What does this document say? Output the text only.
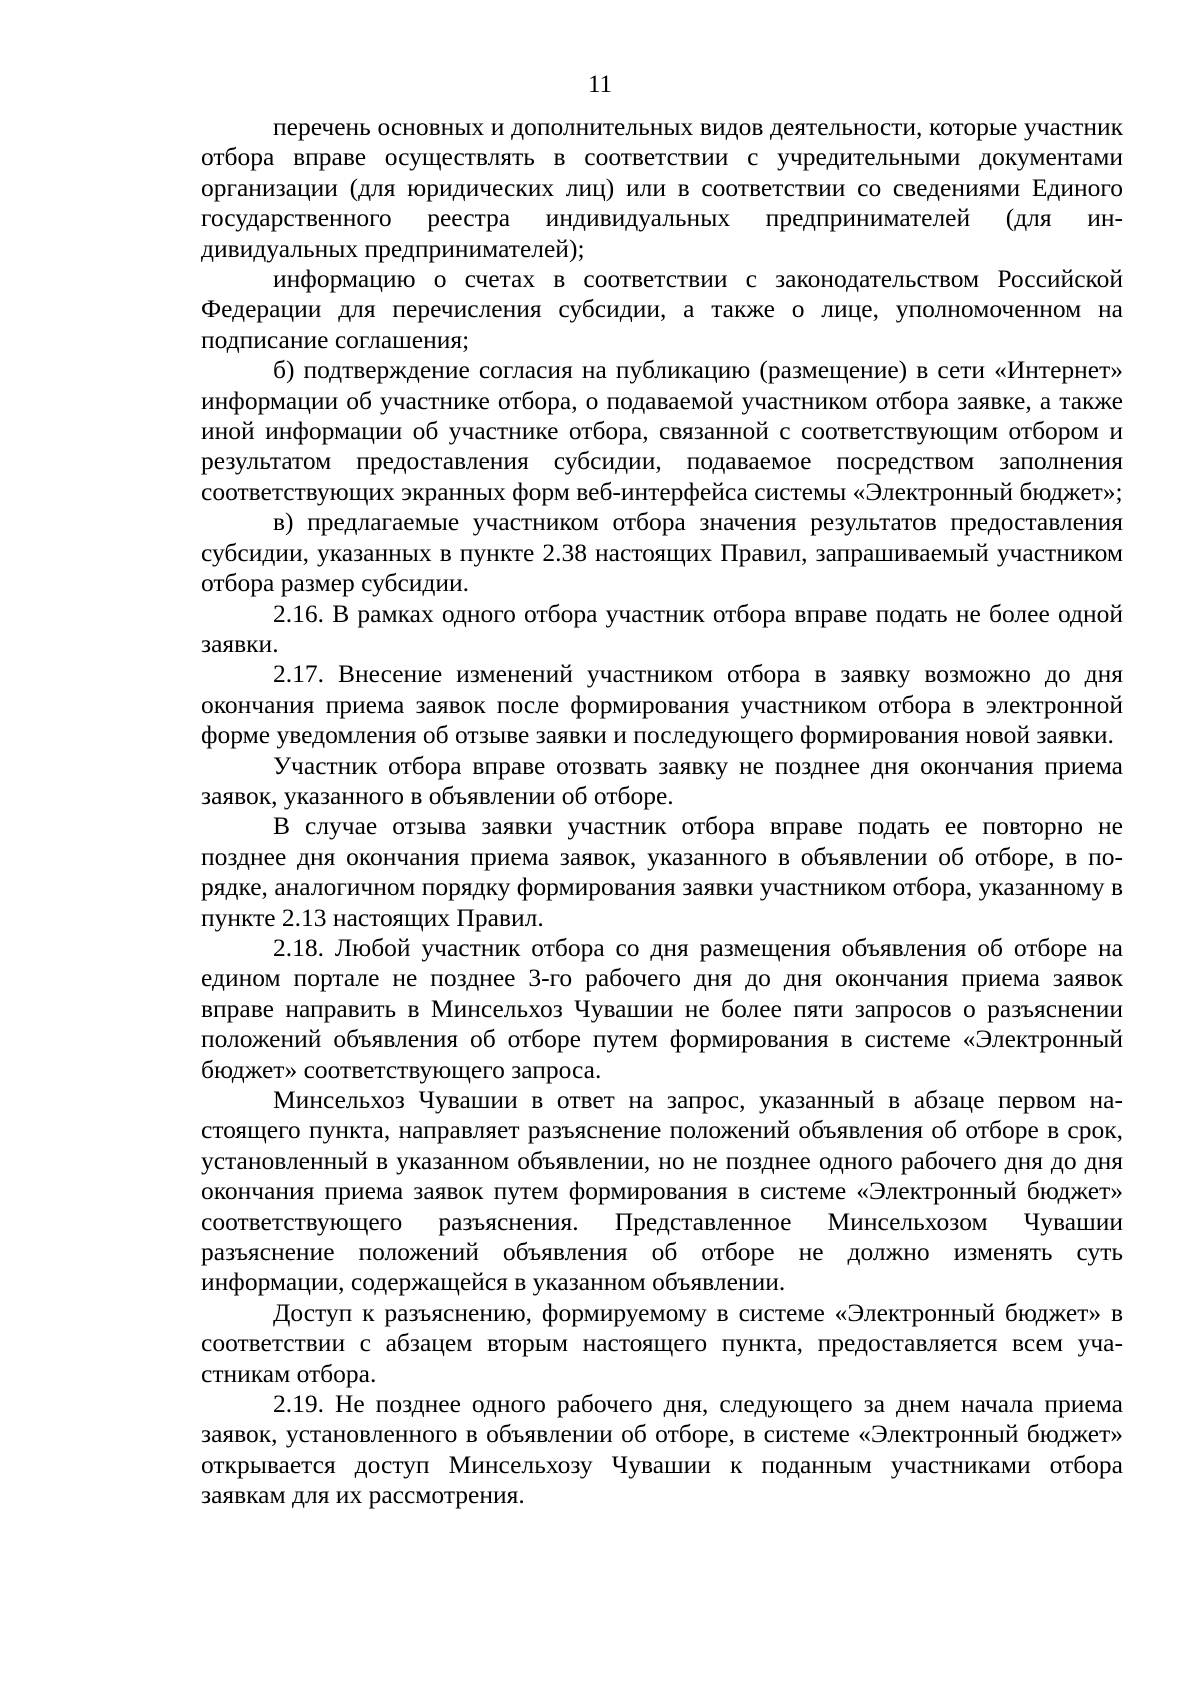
11

перечень основных и дополнительных видов деятельности, которые участник отбора вправе осуществлять в соответствии с учредительными документами организации (для юридических лиц) или в соответствии со сведениями Единого государственного реестра индивидуальных предпринимателей (для индивидуальных предпринимателей);

информацию о счетах в соответствии с законодательством Российской Федерации для перечисления субсидии, а также о лице, уполномоченном на подписание соглашения;

б) подтверждение согласия на публикацию (размещение) в сети «Интернет» информации об участнике отбора, о подаваемой участником отбора заявке, а также иной информации об участнике отбора, связанной с соответствующим отбором и результатом предоставления субсидии, подаваемое посредством заполнения соответствующих экранных форм веб-интерфейса системы «Электронный бюджет»;

в) предлагаемые участником отбора значения результатов предоставления субсидии, указанных в пункте 2.38 настоящих Правил, запрашиваемый участником отбора размер субсидии.

2.16. В рамках одного отбора участник отбора вправе подать не более одной заявки.

2.17. Внесение изменений участником отбора в заявку возможно до дня окончания приема заявок после формирования участником отбора в электронной форме уведомления об отзыве заявки и последующего формирования новой заявки.

Участник отбора вправе отозвать заявку не позднее дня окончания приема заявок, указанного в объявлении об отборе.

В случае отзыва заявки участник отбора вправе подать ее повторно не позднее дня окончания приема заявок, указанного в объявлении об отборе, в порядке, аналогичном порядку формирования заявки участником отбора, указанному в пункте 2.13 настоящих Правил.

2.18. Любой участник отбора со дня размещения объявления об отборе на едином портале не позднее 3-го рабочего дня до дня окончания приема заявок вправе направить в Минсельхоз Чувашии не более пяти запросов о разъяснении положений объявления об отборе путем формирования в системе «Электронный бюджет» соответствующего запроса.

Минсельхоз Чувашии в ответ на запрос, указанный в абзаце первом настоящего пункта, направляет разъяснение положений объявления об отборе в срок, установленный в указанном объявлении, но не позднее одного рабочего дня до дня окончания приема заявок путем формирования в системе «Электронный бюджет» соответствующего разъяснения. Представленное Минсельхозом Чувашии разъяснение положений объявления об отборе не должно изменять суть информации, содержащейся в указанном объявлении.

Доступ к разъяснению, формируемому в системе «Электронный бюджет» в соответствии с абзацем вторым настоящего пункта, предоставляется всем участникам отбора.

2.19. Не позднее одного рабочего дня, следующего за днем начала приема заявок, установленного в объявлении об отборе, в системе «Электронный бюджет» открывается доступ Минсельхозу Чувашии к поданным участниками отбора заявкам для их рассмотрения.
